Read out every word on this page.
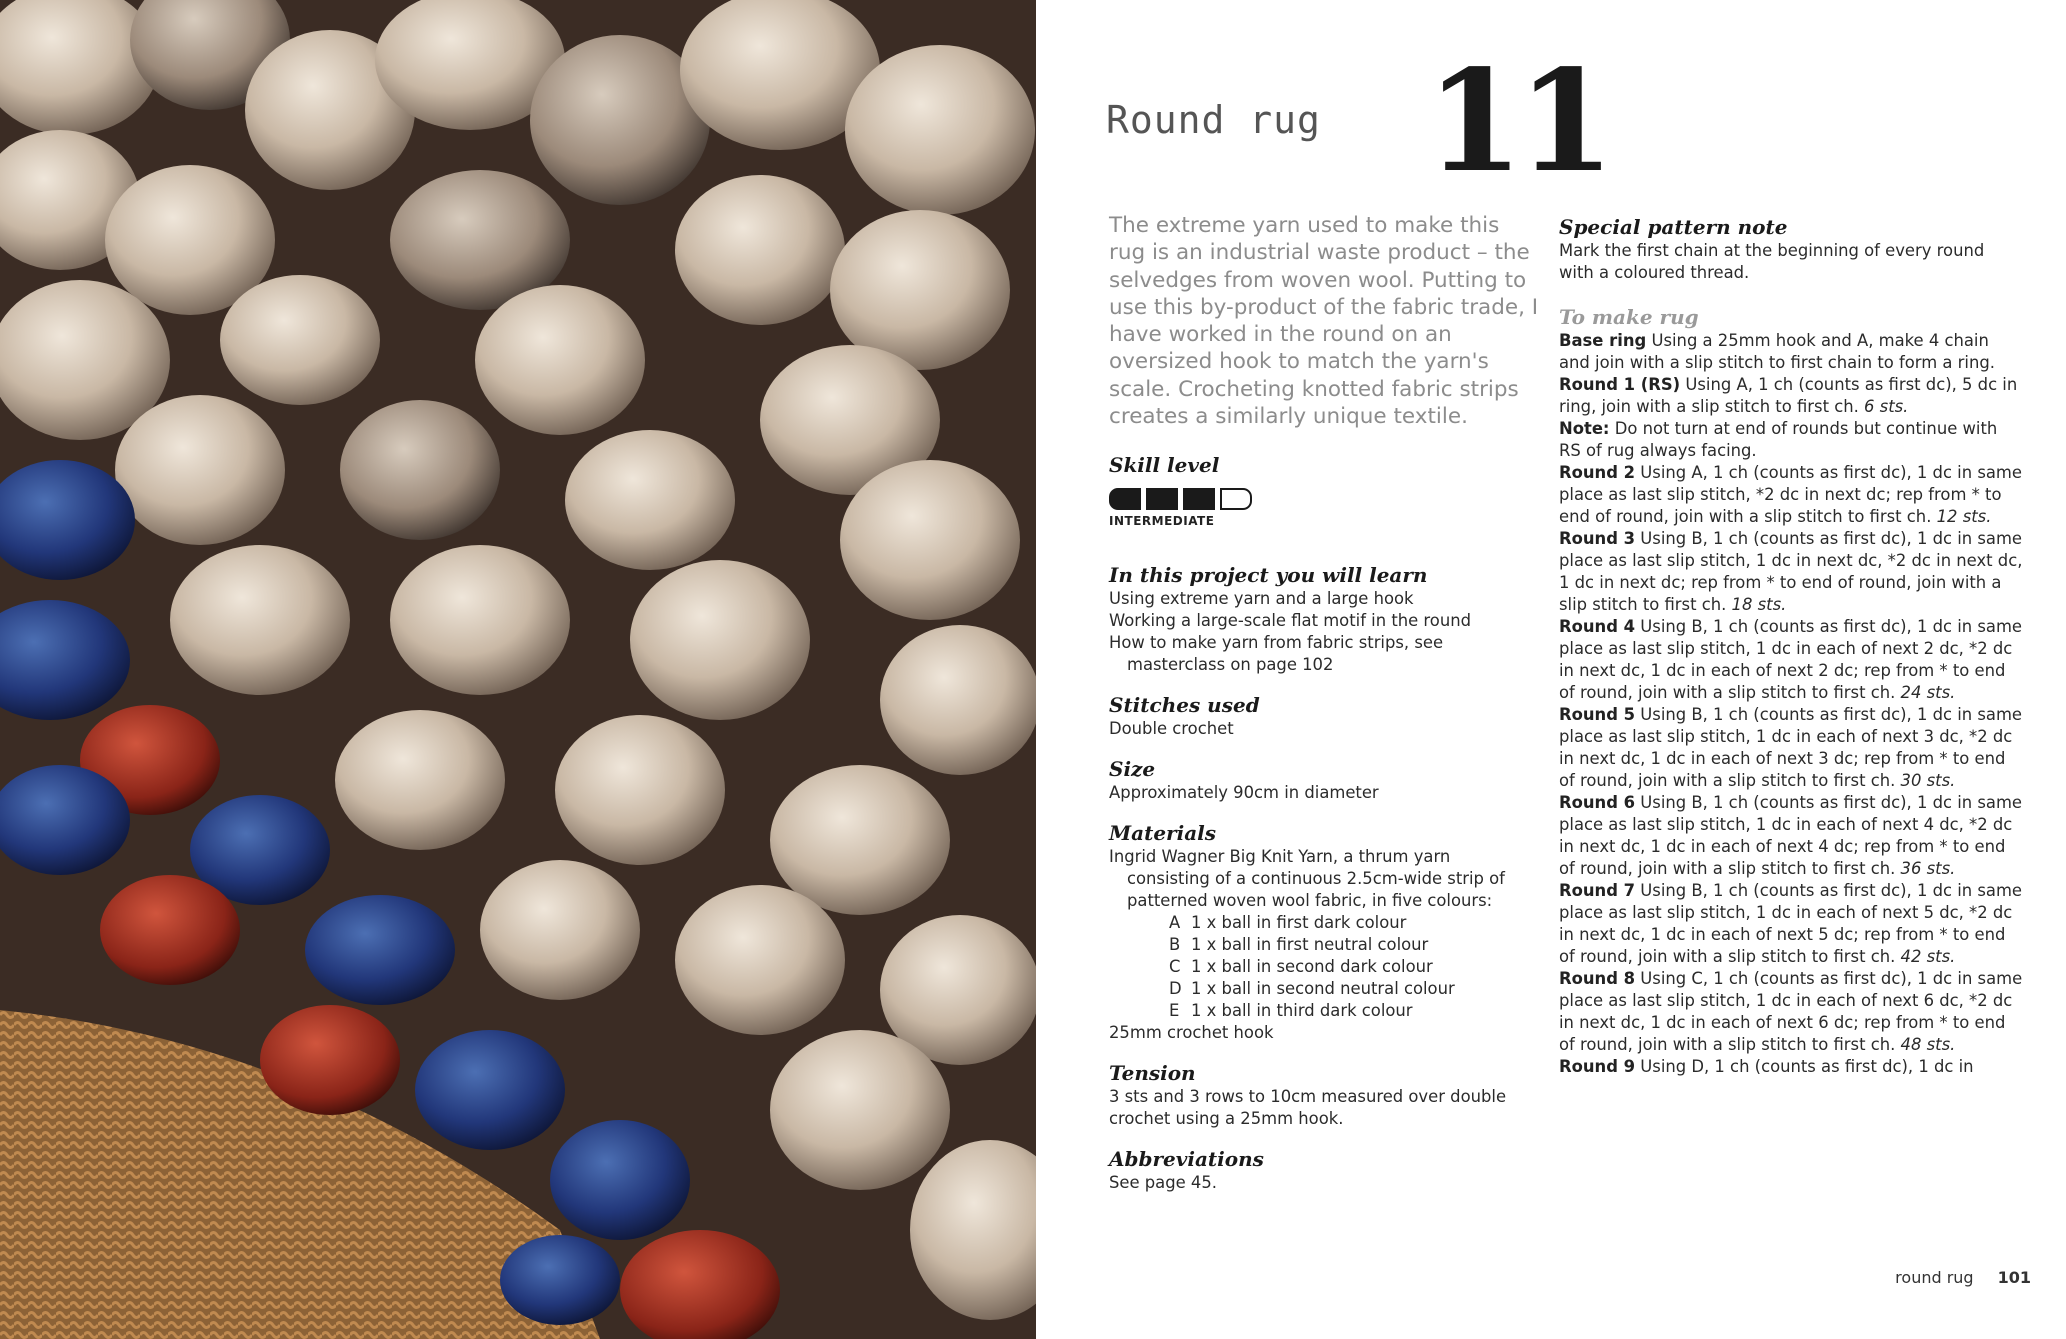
Round rug 11

The extreme yarn used to make this rug is an industrial waste product – the selvedges from woven wool. Putting to use this by-product of the fabric trade, I have worked in the round on an oversized hook to match the yarn's scale. Crocheting knotted fabric strips creates a similarly unique textile.

Skill level
INTERMEDIATE
In this project you will learn
Using extreme yarn and a large hook
Working a large-scale flat motif in the round
How to make yarn from fabric strips, see
masterclass on page 102
Stitches used
Double crochet
Size
Approximately 90cm in diameter
Materials
Ingrid Wagner Big Knit Yarn, a thrum yarn
consisting of a continuous 2.5cm-wide strip of
patterned woven wool fabric, in five colours:
A 1 x ball in first dark colour
B 1 x ball in first neutral colour
C 1 x ball in second dark colour
D 1 x ball in second neutral colour
E 1 x ball in third dark colour
25mm crochet hook
Tension
3 sts and 3 rows to 10cm measured over double crochet using a 25mm hook.
Abbreviations
See page 45.
Special pattern note
Mark the first chain at the beginning of every round with a coloured thread.
To make rug
Base ring Using a 25mm hook and A, make 4 chain and join with a slip stitch to first chain to form a ring.
Round 1 (RS) Using A, 1 ch (counts as first dc), 5 dc in ring, join with a slip stitch to first ch. 6 sts.
Note: Do not turn at end of rounds but continue with RS of rug always facing.
Round 2 Using A, 1 ch (counts as first dc), 1 dc in same place as last slip stitch, *2 dc in next dc; rep from * to end of round, join with a slip stitch to first ch. 12 sts.
Round 3 Using B, 1 ch (counts as first dc), 1 dc in same place as last slip stitch, 1 dc in next dc, *2 dc in next dc, 1 dc in next dc; rep from * to end of round, join with a slip stitch to first ch. 18 sts.
Round 4 Using B, 1 ch (counts as first dc), 1 dc in same place as last slip stitch, 1 dc in each of next 2 dc, *2 dc in next dc, 1 dc in each of next 2 dc; rep from * to end of round, join with a slip stitch to first ch. 24 sts.
Round 5 Using B, 1 ch (counts as first dc), 1 dc in same place as last slip stitch, 1 dc in each of next 3 dc, *2 dc in next dc, 1 dc in each of next 3 dc; rep from * to end of round, join with a slip stitch to first ch. 30 sts.
Round 6 Using B, 1 ch (counts as first dc), 1 dc in same place as last slip stitch, 1 dc in each of next 4 dc, *2 dc in next dc, 1 dc in each of next 4 dc; rep from * to end of round, join with a slip stitch to first ch. 36 sts.
Round 7 Using B, 1 ch (counts as first dc), 1 dc in same place as last slip stitch, 1 dc in each of next 5 dc, *2 dc in next dc, 1 dc in each of next 5 dc; rep from * to end of round, join with a slip stitch to first ch. 42 sts.
Round 8 Using C, 1 ch (counts as first dc), 1 dc in same place as last slip stitch, 1 dc in each of next 6 dc, *2 dc in next dc, 1 dc in each of next 6 dc; rep from * to end of round, join with a slip stitch to first ch. 48 sts.
Round 9 Using D, 1 ch (counts as first dc), 1 dc in
round rug 101
